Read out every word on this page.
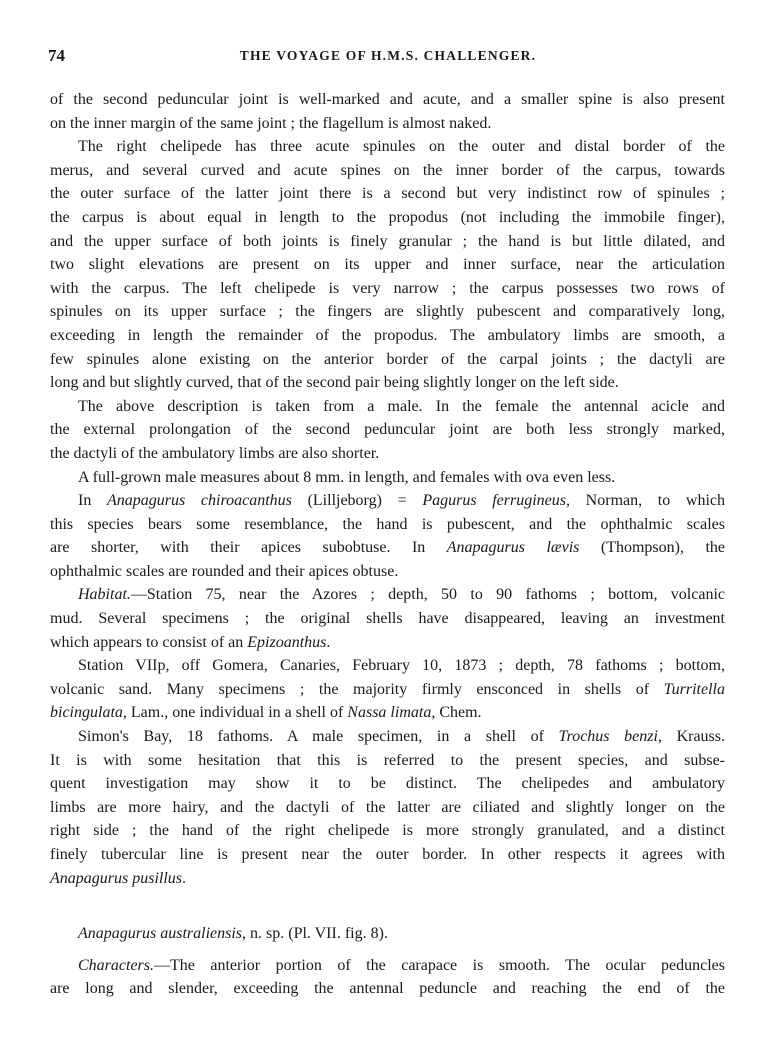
74	THE VOYAGE OF H.M.S. CHALLENGER.
of the second peduncular joint is well-marked and acute, and a smaller spine is also present
on the inner margin of the same joint ; the flagellum is almost naked.
The right chelipede has three acute spinules on the outer and distal border of the
merus, and several curved and acute spines on the inner border of the carpus, towards
the outer surface of the latter joint there is a second but very indistinct row of spinules ;
the carpus is about equal in length to the propodus (not including the immobile finger),
and the upper surface of both joints is finely granular ; the hand is but little dilated, and
two slight elevations are present on its upper and inner surface, near the articulation
with the carpus. The left chelipede is very narrow ; the carpus possesses two rows of
spinules on its upper surface ; the fingers are slightly pubescent and comparatively long,
exceeding in length the remainder of the propodus. The ambulatory limbs are smooth, a
few spinules alone existing on the anterior border of the carpal joints ; the dactyli are
long and but slightly curved, that of the second pair being slightly longer on the left side.
The above description is taken from a male. In the female the antennal acicle and
the external prolongation of the second peduncular joint are both less strongly marked,
the dactyli of the ambulatory limbs are also shorter.
A full-grown male measures about 8 mm. in length, and females with ova even less.
In Anapagurus chiroacanthus (Lilljeborg) = Pagurus ferrugineus, Norman, to which
this species bears some resemblance, the hand is pubescent, and the ophthalmic scales
are shorter, with their apices subobtuse. In Anapagurus lævis (Thompson), the
ophthalmic scales are rounded and their apices obtuse.
Habitat.—Station 75, near the Azores ; depth, 50 to 90 fathoms ; bottom, volcanic
mud. Several specimens ; the original shells have disappeared, leaving an investment
which appears to consist of an Epizoanthus.
Station VIIp, off Gomera, Canaries, February 10, 1873 ; depth, 78 fathoms ; bottom,
volcanic sand. Many specimens ; the majority firmly ensconced in shells of Turritella
bicingulata, Lam., one individual in a shell of Nassa limata, Chem.
Simon's Bay, 18 fathoms. A male specimen, in a shell of Trochus benzi, Krauss.
It is with some hesitation that this is referred to the present species, and subse-
quent investigation may show it to be distinct. The chelipedes and ambulatory
limbs are more hairy, and the dactyli of the latter are ciliated and slightly longer on the
right side ; the hand of the right chelipede is more strongly granulated, and a distinct
finely tubercular line is present near the outer border. In other respects it agrees with
Anapagurus pusillus.
Anapagurus australiensis, n. sp. (Pl. VII. fig. 8).
Characters.—The anterior portion of the carapace is smooth. The ocular peduncles
are long and slender, exceeding the antennal peduncle and reaching the end of the
